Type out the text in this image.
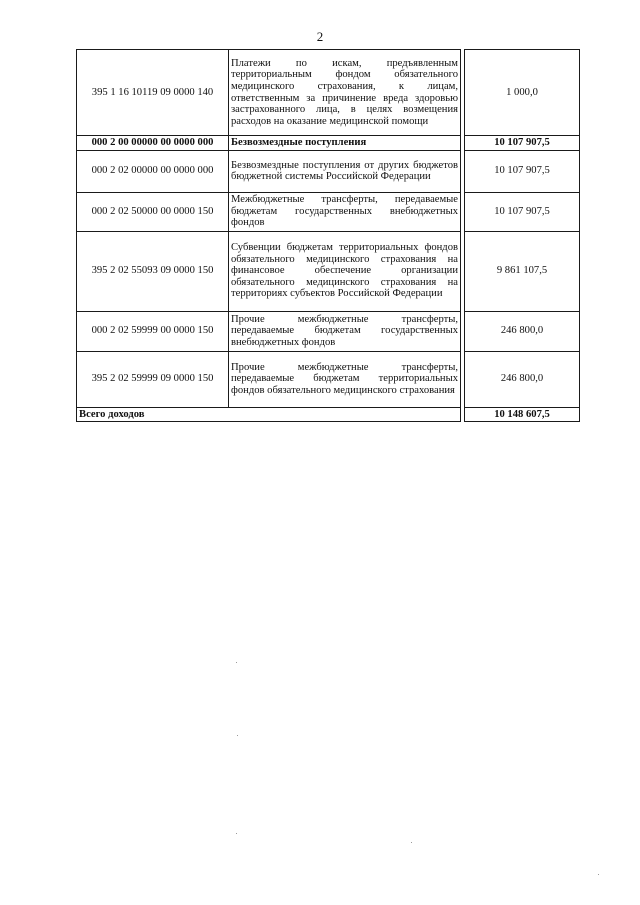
2
395 1 16 10119 09 0000 140	Платежи по искам, предъявленным территориальным фондом обязательного медицинского страхования, к лицам, ответственным за причинение вреда здоровью застрахованного лица, в целях возмещения расходов на оказание медицинской помощи		1 000,0
000 2 00 00000 00 0000 000	Безвозмездные поступления		10 107 907,5
000 2 02 00000 00 0000 000	Безвозмездные поступления от других бюджетов бюджетной системы Российской Федерации		10 107 907,5
000 2 02 50000 00 0000 150	Межбюджетные трансферты, передаваемые бюджетам государственных внебюджетных фондов		10 107 907,5
395 2 02 55093 09 0000 150	Субвенции бюджетам территориальных фондов обязательного медицинского страхования на финансовое обеспечение организации обязательного медицинского страхования на территориях субъектов Российской Федерации		9 861 107,5
000 2 02 59999 00 0000 150	Прочие межбюджетные трансферты, передаваемые бюджетам государственных внебюджетных фондов		246 800,0
395 2 02 59999 09 0000 150	Прочие межбюджетные трансферты, передаваемые бюджетам территориальных фондов обязательного медицинского страхования		246 800,0
Всего доходов			10 148 607,5
